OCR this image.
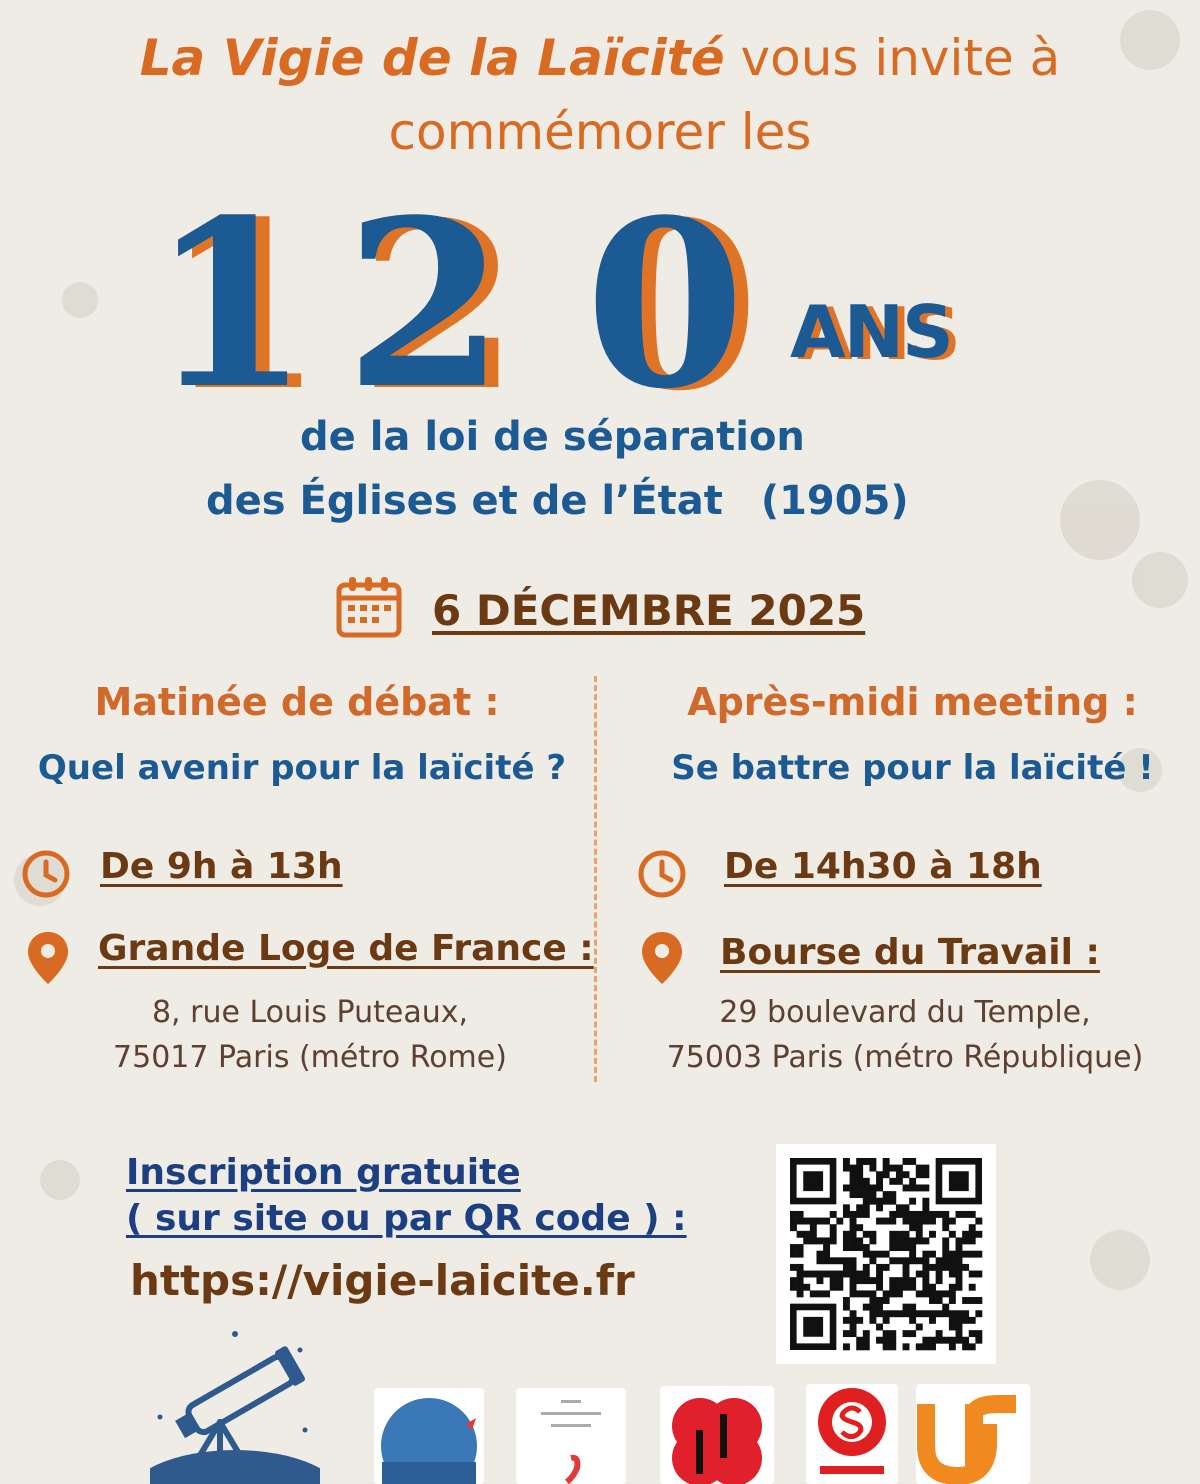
La Vigie de la Laïcité vous invite à
commémorer les
1 2 0 ANS
de la loi de séparation
des Églises et de l’État (1905)
6 DÉCEMBRE 2025
Matinée de débat :
Quel avenir pour la laïcité ?
De 9h à 13h
Grande Loge de France :
8, rue Louis Puteaux,
75017 Paris (métro Rome)
Après-midi meeting :
Se battre pour la laïcité !
De 14h30 à 18h
Bourse du Travail :
29 boulevard du Temple,
75003 Paris (métro République)
Inscription gratuite
( sur site ou par QR code ) :
https://vigie-laicite.fr
